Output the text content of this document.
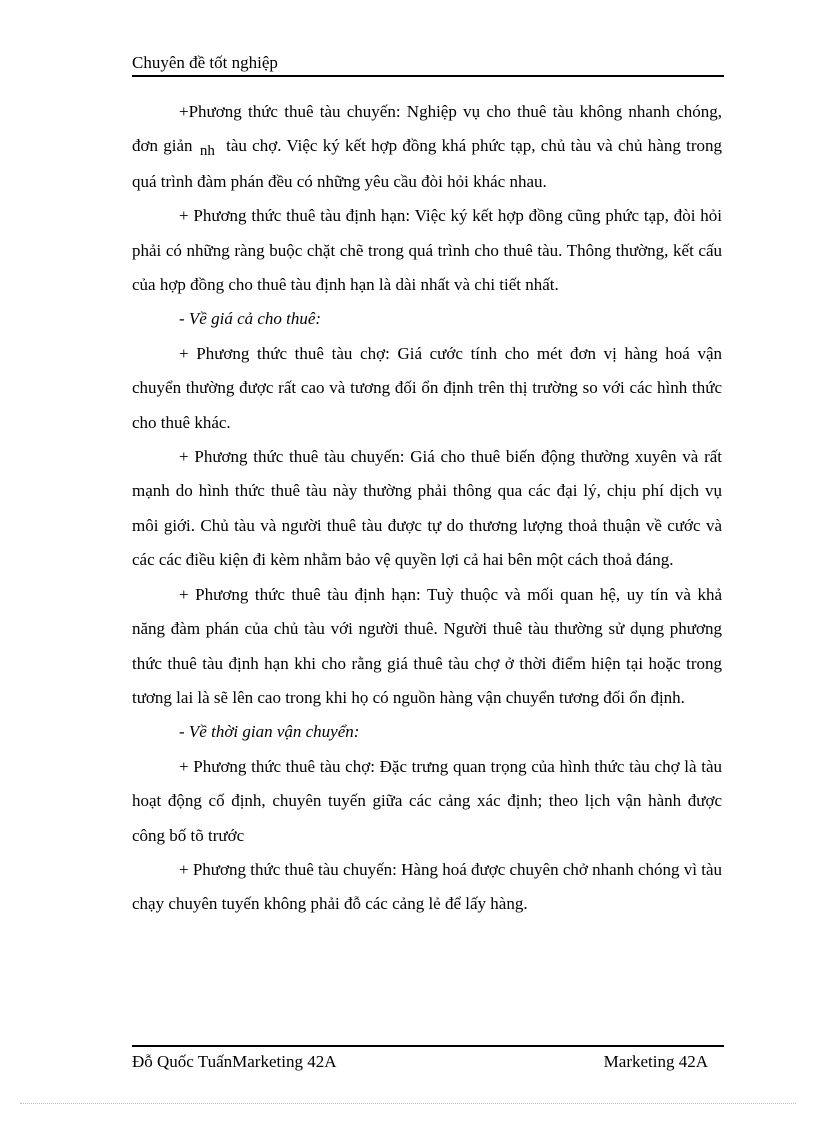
Chuyên đề tốt nghiệp

+Phương thức thuê tàu chuyến: Nghiệp vụ cho thuê tàu không nhanh chóng, đơn giản nh tàu chợ. Việc ký kết hợp đồng khá phức tạp, chủ tàu và chủ hàng trong quá trình đàm phán đều có những yêu cầu đòi hỏi khác nhau.

+ Phương thức thuê tàu định hạn: Việc ký kết hợp đồng cũng phức tạp, đòi hỏi phải có những ràng buộc chặt chẽ trong quá trình cho thuê tàu. Thông thường, kết cấu của hợp đồng cho thuê tàu định hạn là dài nhất và chi tiết nhất.

- Về giá cả cho thuê:

+ Phương thức thuê tàu chợ: Giá cước tính cho mét đơn vị hàng hoá vận chuyển thường được rất cao và tương đối ổn định trên thị trường so với các hình thức cho thuê khác.

+ Phương thức thuê tàu chuyến: Giá cho thuê biến động thường xuyên và rất mạnh do hình thức thuê tàu này thường phải thông qua các đại lý, chịu phí dịch vụ môi giới. Chủ tàu và người thuê tàu được tự do thương lượng thoả thuận về cước và các các điều kiện đi kèm nhằm bảo vệ quyền lợi cả hai bên một cách thoả đáng.

+ Phương thức thuê tàu định hạn: Tuỳ thuộc và mối quan hệ, uy tín và khả năng đàm phán của chủ tàu với người thuê. Người thuê tàu thường sử dụng phương thức thuê tàu định hạn khi cho rằng giá thuê tàu chợ ở thời điểm hiện tại hoặc trong tương lai là sẽ lên cao trong khi họ có nguồn hàng vận chuyển tương đối ổn định.

- Về thời gian vận chuyển:

+ Phương thức thuê tàu chợ: Đặc trưng quan trọng của hình thức tàu chợ là tàu hoạt động cố định, chuyên tuyến giữa các cảng xác định; theo lịch vận hành được công bố tõ trước

+ Phương thức thuê tàu chuyến: Hàng hoá được chuyên chở nhanh chóng vì tàu chạy chuyên tuyến không phải đỗ các cảng lẻ để lấy hàng.

Đỗ Quốc TuấnMarketing 42A	Marketing 42A
